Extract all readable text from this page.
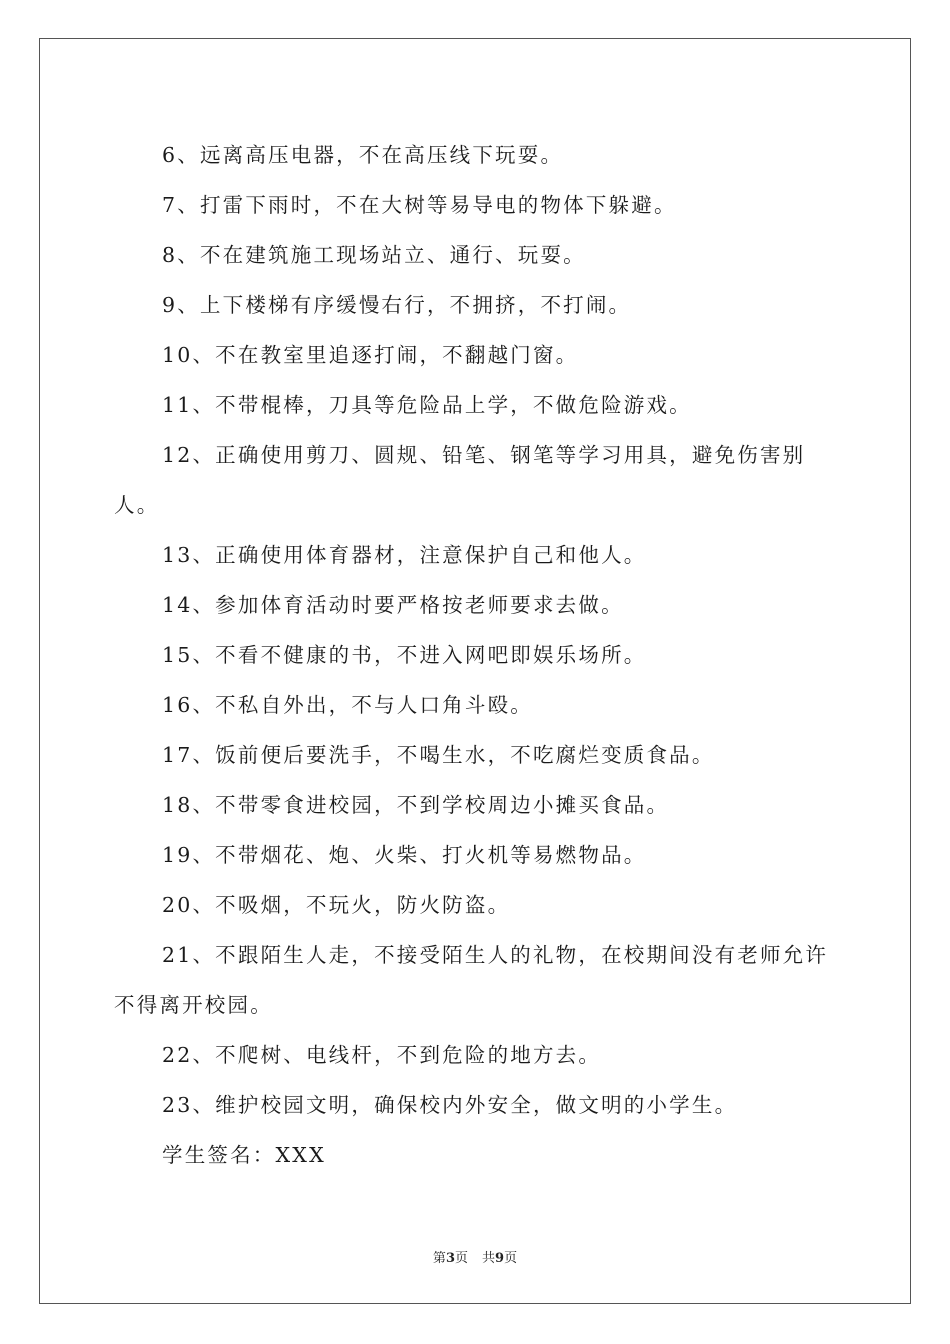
6、远离高压电器，不在高压线下玩耍。

7、打雷下雨时，不在大树等易导电的物体下躲避。

8、不在建筑施工现场站立、通行、玩耍。

9、上下楼梯有序缓慢右行，不拥挤，不打闹。

10、不在教室里追逐打闹，不翻越门窗。

11、不带棍棒，刀具等危险品上学，不做危险游戏。

12、正确使用剪刀、圆规、铅笔、钢笔等学习用具，避免伤害别人。

13、正确使用体育器材，注意保护自己和他人。

14、参加体育活动时要严格按老师要求去做。

15、不看不健康的书，不进入网吧即娱乐场所。

16、不私自外出，不与人口角斗殴。

17、饭前便后要洗手，不喝生水，不吃腐烂变质食品。

18、不带零食进校园，不到学校周边小摊买食品。

19、不带烟花、炮、火柴、打火机等易燃物品。

20、不吸烟，不玩火，防火防盗。

21、不跟陌生人走，不接受陌生人的礼物，在校期间没有老师允许不得离开校园。

22、不爬树、电线杆，不到危险的地方去。

23、维护校园文明，确保校内外安全，做文明的小学生。

学生签名：XXX

第3页 共9页
